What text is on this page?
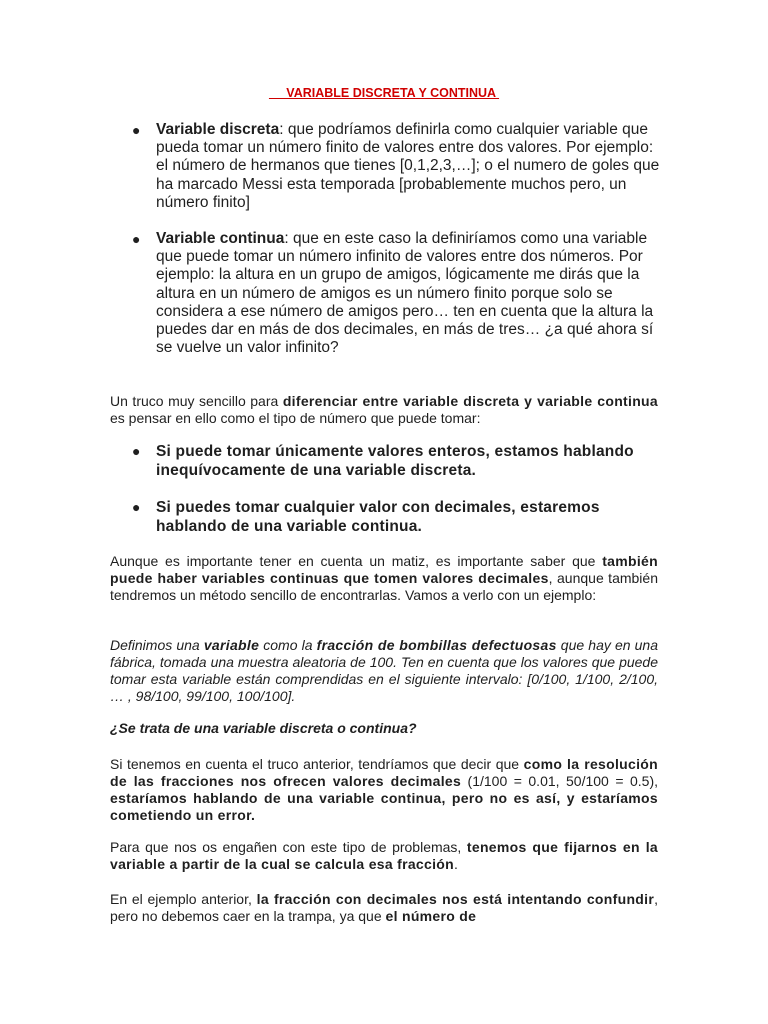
VARIABLE DISCRETA Y CONTINUA

● Variable discreta: que podríamos definirla como cualquier variable que pueda tomar un número finito de valores entre dos valores. Por ejemplo: el número de hermanos que tienes [0,1,2,3,…]; o el numero de goles que ha marcado Messi esta temporada [probablemente muchos pero, un número finito]

● Variable continua: que en este caso la definiríamos como una variable que puede tomar un número infinito de valores entre dos números. Por ejemplo: la altura en un grupo de amigos, lógicamente me dirás que la altura en un número de amigos es un número finito porque solo se considera a ese número de amigos pero… ten en cuenta que la altura la puedes dar en más de dos decimales, en más de tres… ¿a qué ahora sí se vuelve un valor infinito?

Un truco muy sencillo para diferenciar entre variable discreta y variable continua es pensar en ello como el tipo de número que puede tomar:

● Si puede tomar únicamente valores enteros, estamos hablando inequívocamente de una variable discreta.

● Si puedes tomar cualquier valor con decimales, estaremos hablando de una variable continua.

Aunque es importante tener en cuenta un matiz, es importante saber que también puede haber variables continuas que tomen valores decimales, aunque también tendremos un método sencillo de encontrarlas. Vamos a verlo con un ejemplo:

Definimos una variable como la fracción de bombillas defectuosas que hay en una fábrica, tomada una muestra aleatoria de 100. Ten en cuenta que los valores que puede tomar esta variable están comprendidas en el siguiente intervalo: [0/100, 1/100, 2/100, … , 98/100, 99/100, 100/100].

¿Se trata de una variable discreta o continua?

Si tenemos en cuenta el truco anterior, tendríamos que decir que como la resolución de las fracciones nos ofrecen valores decimales (1/100 = 0.01, 50/100 = 0.5), estaríamos hablando de una variable continua, pero no es así, y estaríamos cometiendo un error.

Para que nos os engañen con este tipo de problemas, tenemos que fijarnos en la variable a partir de la cual se calcula esa fracción.

En el ejemplo anterior, la fracción con decimales nos está intentando confundir, pero no debemos caer en la trampa, ya que el número de
